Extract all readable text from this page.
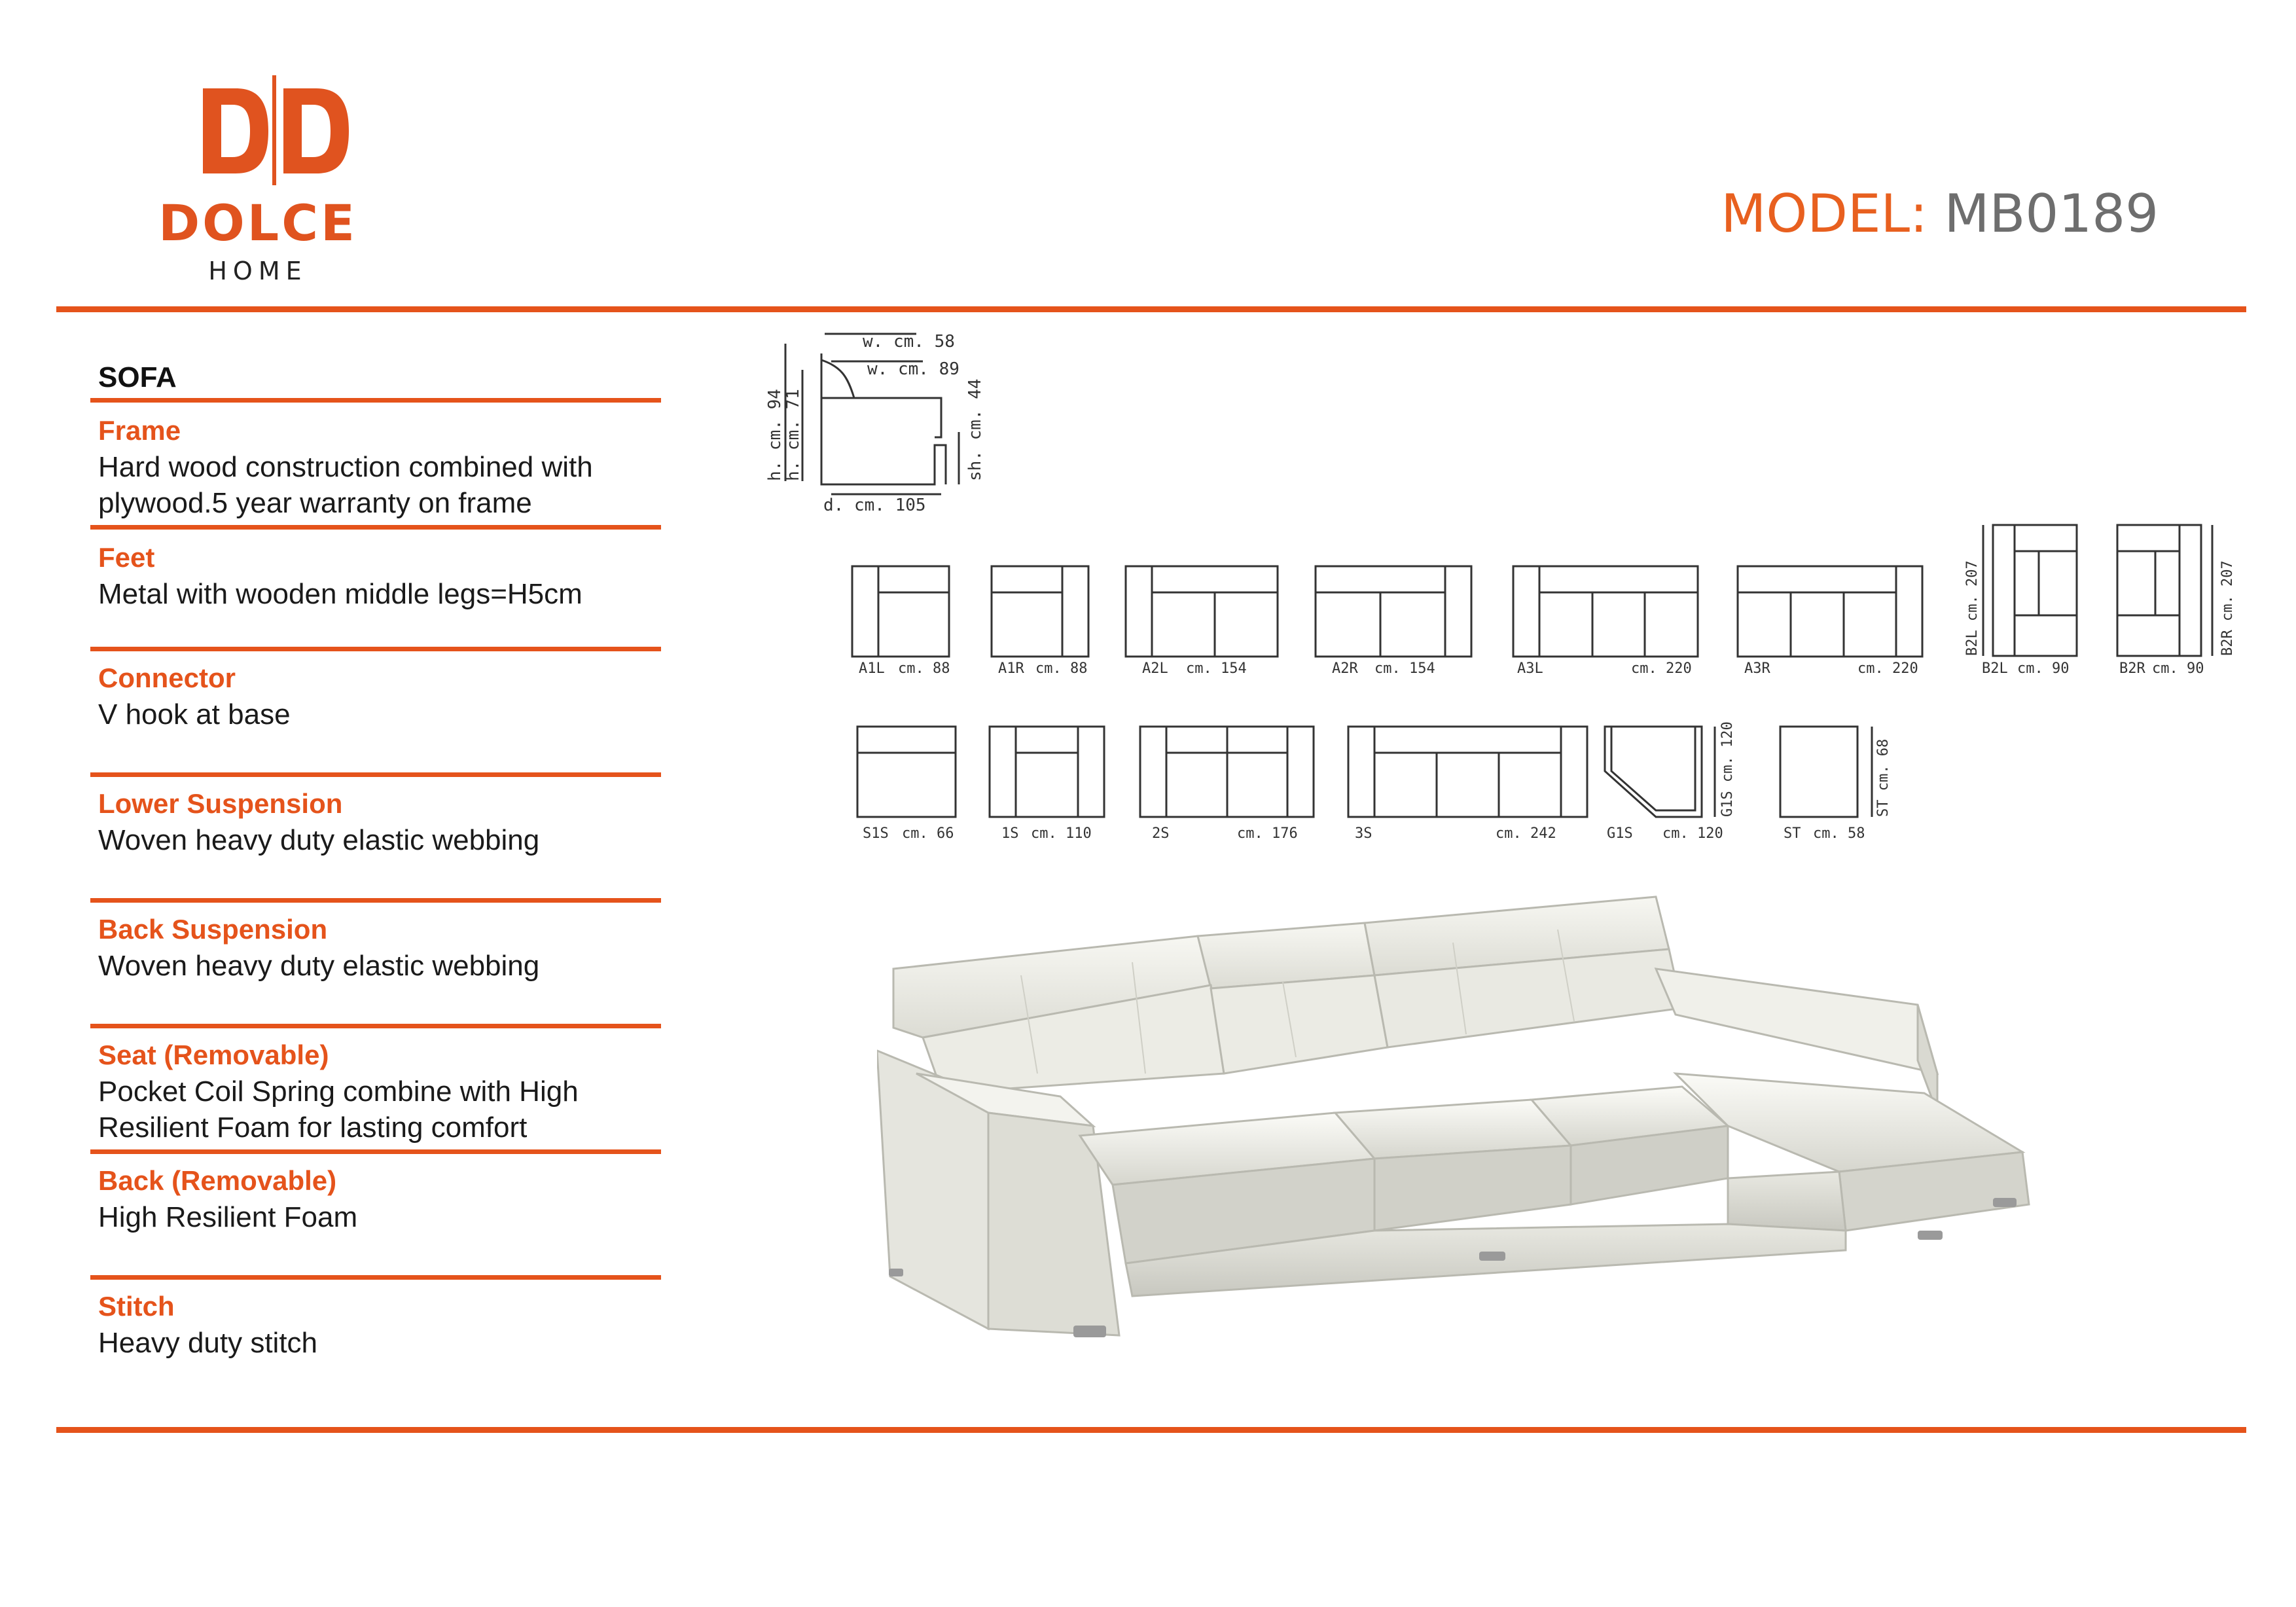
DOLCE
HOME
MODEL: MB0189
SOFA
Frame
Hard wood construction combined with plywood.5 year warranty on frame
Feet
Metal with wooden middle legs=H5cm
Connector
V hook at base
Lower Suspension
Woven heavy duty elastic webbing
Back Suspension
Woven heavy duty elastic webbing
Seat (Removable)
Pocket Coil Spring combine with High Resilient Foam for lasting comfort
Back (Removable)
High Resilient Foam
Stitch
Heavy duty stitch
w. cm. 58
w. cm. 89
h. cm. 94
h. cm. 71	sh. cm. 44
d. cm. 105
A1L cm. 88	A1R cm. 88	A2L cm. 154	A2R cm. 154	A3L	cm. 220	A3R	cm. 220	B2L cm. 90
B2L cm. 207
B2R cm. 90
B2R cm. 207
S1S cm. 66	1S cm. 110	2S	cm. 176	3S	cm. 242	G1S cm. 120
G1S cm. 120
ST cm. 58
ST cm. 68
